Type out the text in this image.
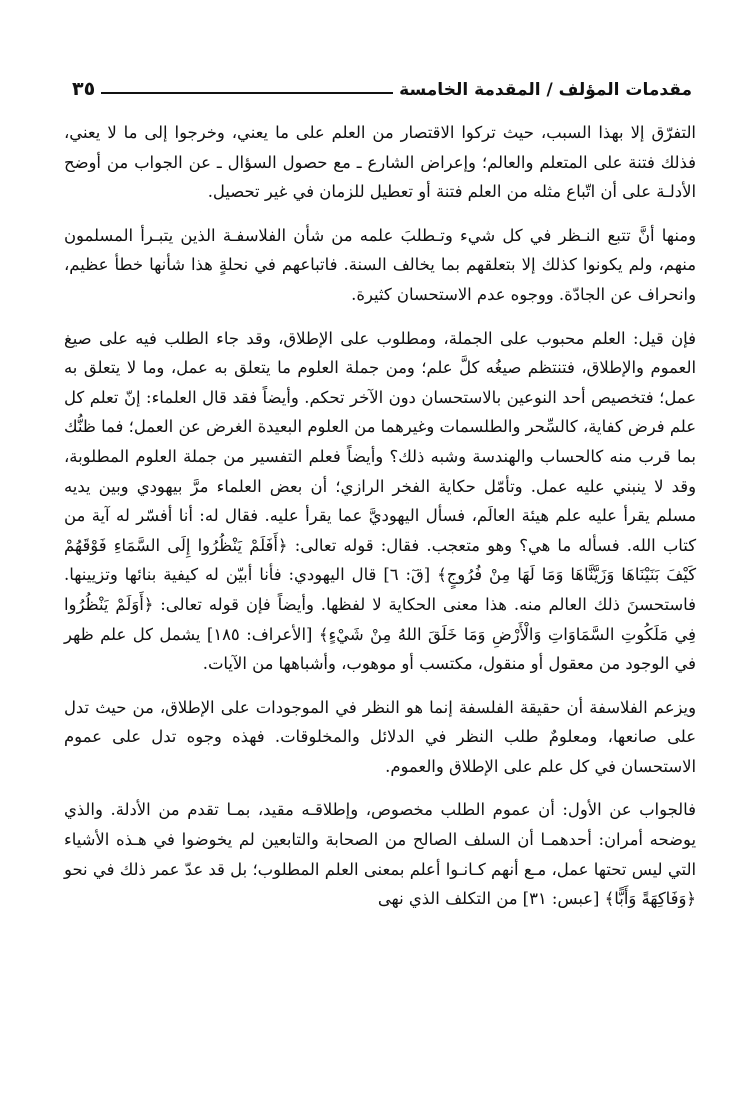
مقدمات المؤلف / المقدمة الخامسة
٣٥

التفرّق إلا بهذا السبب، حيث تركوا الاقتصار من العلم على ما يعني، وخرجوا إلى ما لا يعني، فذلك فتنة على المتعلم والعالم؛ وإعراض الشارع ـ مع حصول السؤال ـ عن الجواب من أوضح الأدلـة على أن اتّباع مثله من العلم فتنة أو تعطيل للزمان في غير تحصيل.

ومنها أنَّ تتبع النـظر في كل شيء وتـطلبَ علمه من شأن الفلاسفـة الذين يتبـرأ المسلمون منهم، ولم يكونوا كذلك إلا بتعلقهم بما يخالف السنة. فاتباعهم في نحلةٍ هذا شأنها خطأ عظيم، وانحراف عن الجادّة. ووجوه عدم الاستحسان كثيرة.

فإن قيل: العلم محبوب على الجملة، ومطلوب على الإطلاق، وقد جاء الطلب فيه على صيغ العموم والإطلاق، فتنتظم صيغُه كلَّ علم؛ ومن جملة العلوم ما يتعلق به عمل، وما لا يتعلق به عمل؛ فتخصيص أحد النوعين بالاستحسان دون الآخر تحكم. وأيضاً فقد قال العلماء: إنّ تعلم كل علم فرض كفاية، كالسِّحر والطلسمات وغيرهما من العلوم البعيدة الغرض عن العمل؛ فما ظنُّك بما قرب منه كالحساب والهندسة وشبه ذلك؟ وأيضاً فعلم التفسير من جملة العلوم المطلوبة، وقد لا ينبني عليه عمل. وتأمّل حكاية الفخر الرازي؛ أن بعض العلماء مرَّ بيهودي وبين يديه مسلم يقرأ عليه علم هيئة العالَم، فسأل اليهوديَّ عما يقرأ عليه. فقال له: أنا أفسّر له آية من كتاب الله. فسأله ما هي؟ وهو متعجب. فقال: قوله تعالى: ﴿أَفَلَمْ يَنْظُرُوا إِلَى السَّمَاءِ فَوْقَهُمْ كَيْفَ بَنَيْنَاهَا وَزَيَّنَّاهَا وَمَا لَهَا مِنْ فُرُوجٍ﴾ [قٓ: ٦] قال اليهودي: فأنا أبيّن له كيفية بنائها وتزيينها. فاستحسنَ ذلك العالم منه. هذا معنى الحكاية لا لفظها. وأيضاً فإن قوله تعالى: ﴿أَوَلَمْ يَنْظُرُوا فِي مَلَكُوتِ السَّمَاوَاتِ وَالْأَرْضِ وَمَا خَلَقَ اللهُ مِنْ شَيْءٍ﴾ [الأعراف: ١٨٥] يشمل كل علم ظهر في الوجود من معقول أو منقول، مكتسب أو موهوب، وأشباهها من الآيات.

ويزعم الفلاسفة أن حقيقة الفلسفة إنما هو النظر في الموجودات على الإطلاق، من حيث تدل على صانعها، ومعلومٌ طلب النظر في الدلائل والمخلوقات. فهذه وجوه تدل على عموم الاستحسان في كل علم على الإطلاق والعموم.

فالجواب عن الأول: أن عموم الطلب مخصوص، وإطلاقـه مقيد، بمـا تقدم من الأدلة. والذي يوضحه أمران: أحدهمـا أن السلف الصالح من الصحابة والتابعين لم يخوضوا في هـذه الأشياء التي ليس تحتها عمل، مـع أنهم كـانـوا أعلم بمعنى العلم المطلوب؛ بل قد عدّ عمر ذلك في نحو ﴿وَفَاكِهَةً وَأَبًّا﴾ [عبس: ٣١] من التكلف الذي نهى
